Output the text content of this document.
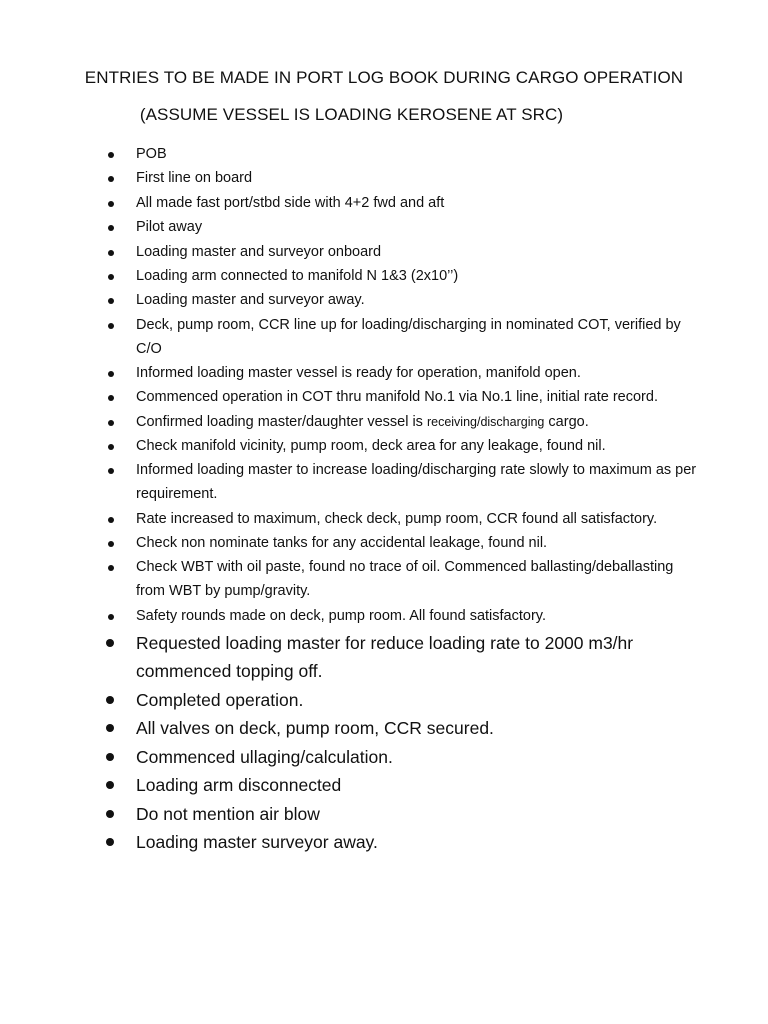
ENTRIES TO BE MADE IN PORT LOG BOOK DURING CARGO OPERATION
(ASSUME VESSEL IS LOADING KEROSENE AT SRC)
POB
First line on board
All made fast port/stbd side with 4+2 fwd and aft
Pilot away
Loading master and surveyor onboard
Loading arm connected to manifold N 1&3 (2x10’’)
Loading master and surveyor away.
Deck, pump room, CCR line up for loading/discharging in nominated COT, verified by C/O
Informed loading master vessel is ready for operation, manifold open.
Commenced operation in COT thru manifold No.1 via No.1 line, initial rate record.
Confirmed loading master/daughter vessel is receiving/discharging cargo.
Check manifold vicinity, pump room, deck area for any leakage, found nil.
Informed loading master to increase loading/discharging rate slowly to maximum as per requirement.
Rate increased to maximum, check deck, pump room, CCR found all satisfactory.
Check non nominate tanks for any accidental leakage, found nil.
Check WBT with oil paste, found no trace of oil. Commenced ballasting/deballasting from WBT by pump/gravity.
Safety rounds made on deck, pump room. All found satisfactory.
Requested loading master for reduce loading rate to 2000 m3/hr commenced topping off.
Completed operation.
All valves on deck, pump room, CCR secured.
Commenced ullaging/calculation.
Loading arm disconnected
Do not mention air blow
Loading master surveyor away.
